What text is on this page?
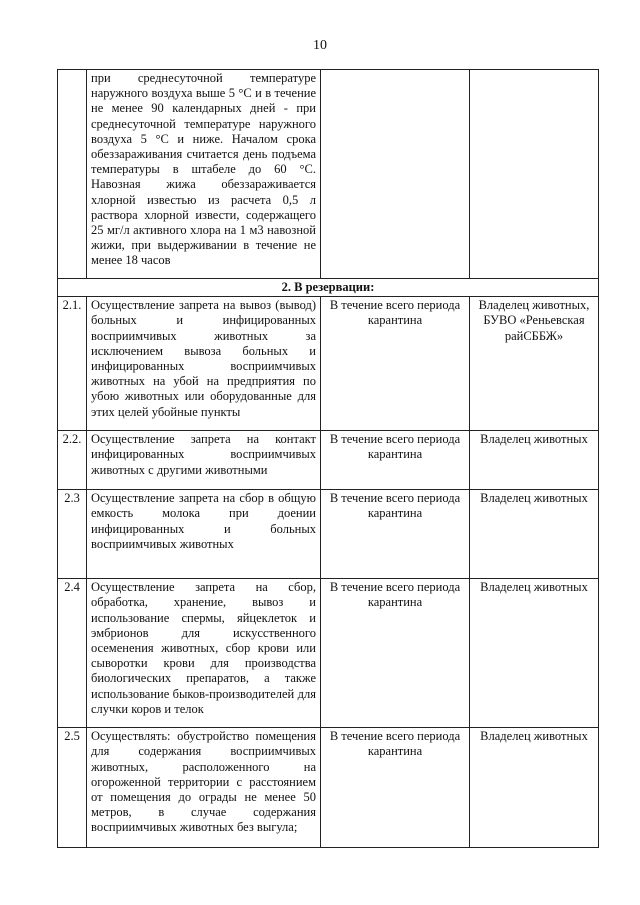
10
	при среднесуточной температуре наружного воздуха выше 5 °С и в течение не менее 90 календарных дней - при среднесуточной температуре наружного воздуха 5 °С и ниже. Началом срока обеззараживания считается день подъема температуры в штабеле до 60 °С. Навозная жижа обеззараживается хлорной известью из расчета 0,5 л раствора хлорной извести, содержащего 25 мг/л активного хлора на 1 м3 навозной жижи, при выдерживании в течение не менее 18 часов		
2. В резервации:			
2.1.	Осуществление запрета на вывоз (вывод) больных и инфицированных восприимчивых животных за исключением вывоза больных и инфицированных восприимчивых животных на убой на предприятия по убою животных или оборудованные для этих целей убойные пункты	В течение всего периода карантина	Владелец животных, БУВО «Реньевская райСББЖ»
2.2.	Осуществление запрета на контакт инфицированных восприимчивых животных с другими животными	В течение всего периода карантина	Владелец животных
2.3	Осуществление запрета на сбор в общую емкость молока при доении инфицированных и больных восприимчивых животных	В течение всего периода карантина	Владелец животных
2.4	Осуществление запрета на сбор, обработка, хранение, вывоз и использование спермы, яйцеклеток и эмбрионов для искусственного осеменения животных, сбор крови или сыворотки крови для производства биологических препаратов, а также использование быков-производителей для случки коров и телок	В течение всего периода карантина	Владелец животных
2.5	Осуществлять: обустройство помещения для содержания восприимчивых животных, расположенного на огороженной территории с расстоянием от помещения до ограды не менее 50 метров, в случае содержания восприимчивых животных без выгула;	В течение всего периода карантина	Владелец животных
